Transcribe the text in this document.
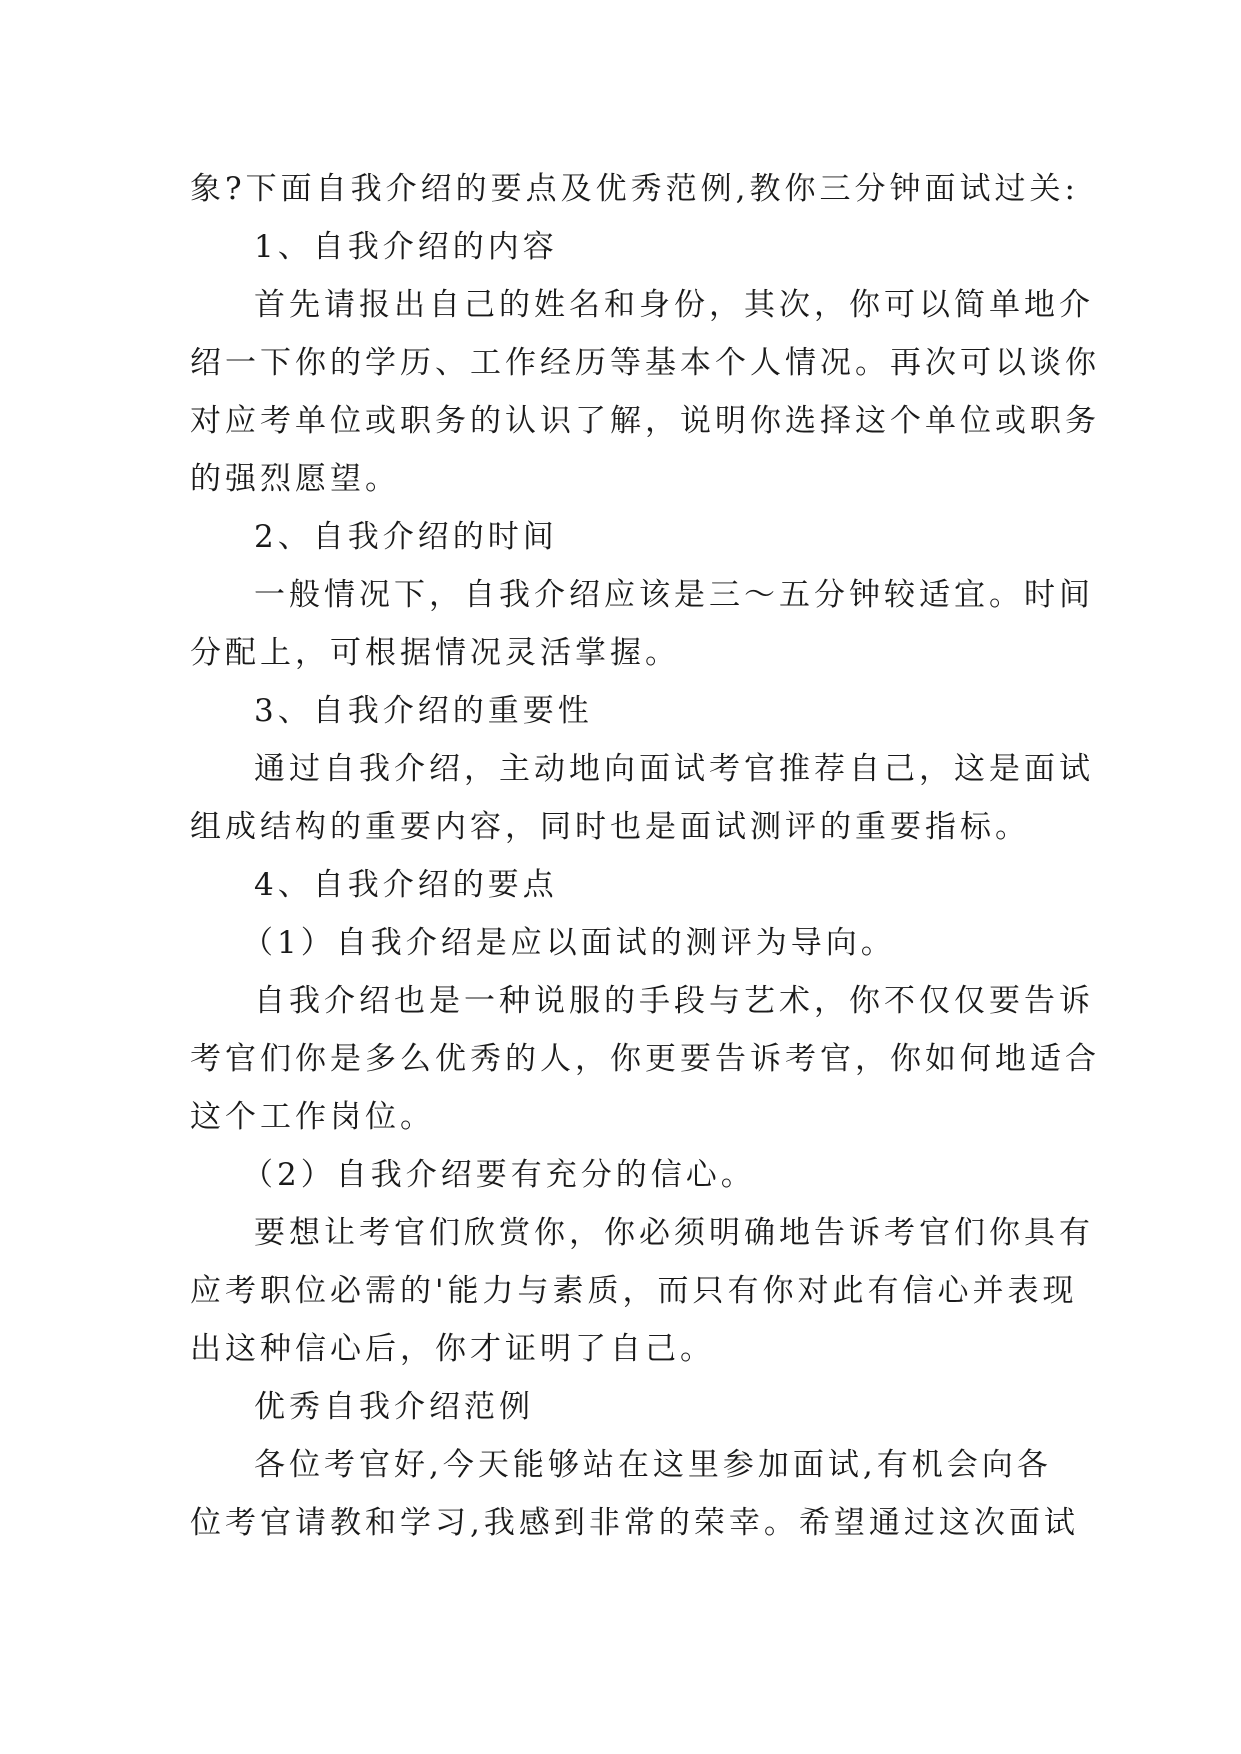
象?下面自我介绍的要点及优秀范例,教你三分钟面试过关:

1、自我介绍的内容

首先请报出自己的姓名和身份，其次，你可以简单地介

绍一下你的学历、工作经历等基本个人情况。再次可以谈你

对应考单位或职务的认识了解，说明你选择这个单位或职务

的强烈愿望。

2、自我介绍的时间

一般情况下，自我介绍应该是三～五分钟较适宜。时间

分配上，可根据情况灵活掌握。

3、自我介绍的重要性

通过自我介绍，主动地向面试考官推荐自己，这是面试

组成结构的重要内容，同时也是面试测评的重要指标。

4、自我介绍的要点

（1）自我介绍是应以面试的测评为导向。

自我介绍也是一种说服的手段与艺术，你不仅仅要告诉

考官们你是多么优秀的人，你更要告诉考官，你如何地适合

这个工作岗位。

（2）自我介绍要有充分的信心。

要想让考官们欣赏你，你必须明确地告诉考官们你具有

应考职位必需的'能力与素质，而只有你对此有信心并表现

出这种信心后，你才证明了自己。

优秀自我介绍范例

各位考官好,今天能够站在这里参加面试,有机会向各

位考官请教和学习,我感到非常的荣幸。希望通过这次面试
